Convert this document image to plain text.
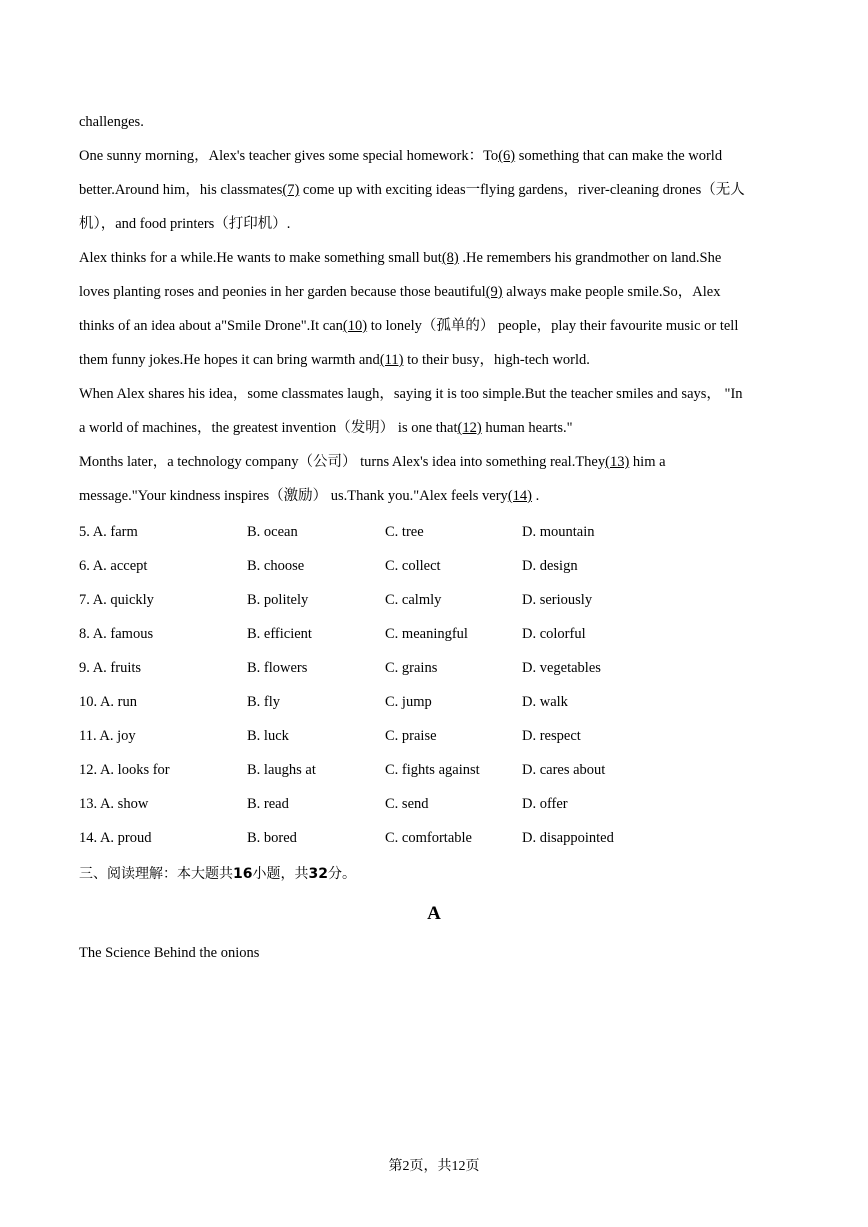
challenges.
One sunny morning，Alex's teacher gives some special homework：To(6) something that can make the world
better.Around him，his classmates(7) come up with exciting ideas一flying gardens，river-cleaning drones（无人
机），and food printers（打印机）.
Alex thinks for a while.He wants to make something small but(8) .He remembers his grandmother on land.She
loves planting roses and peonies in her garden because those beautiful(9) always make people smile.So，Alex
thinks of an idea about a"Smile Drone".It can(10) to lonely（孤单的） people，play their favourite music or tell
them funny jokes.He hopes it can bring warmth and(11) to their busy，high-tech world.
When Alex shares his idea，some classmates laugh，saying it is too simple.But the teacher smiles and says， "In
a world of machines，the greatest invention（发明） is one that(12) human hearts."
Months later，a technology company（公司） turns Alex's idea into something real.They(13) him a
message."Your kindness inspires（激励） us.Thank you."Alex feels very(14) .
5. A. farm	B. ocean	C. tree	D. mountain
6. A. accept	B. choose	C. collect	D. design
7. A. quickly	B. politely	C. calmly	D. seriously
8. A. famous	B. efficient	C. meaningful	D. colorful
9. A. fruits	B. flowers	C. grains	D. vegetables
10. A. run	B. fly	C. jump	D. walk
11. A. joy	B. luck	C. praise	D. respect
12. A. looks for	B. laughs at	C. fights against	D. cares about
13. A. show	B. read	C. send	D. offer
14. A. proud	B. bored	C. comfortable	D. disappointed
三、阅读理解：本大题共16小题，共32分。
A
The Science Behind the onions
第2页，共12页
